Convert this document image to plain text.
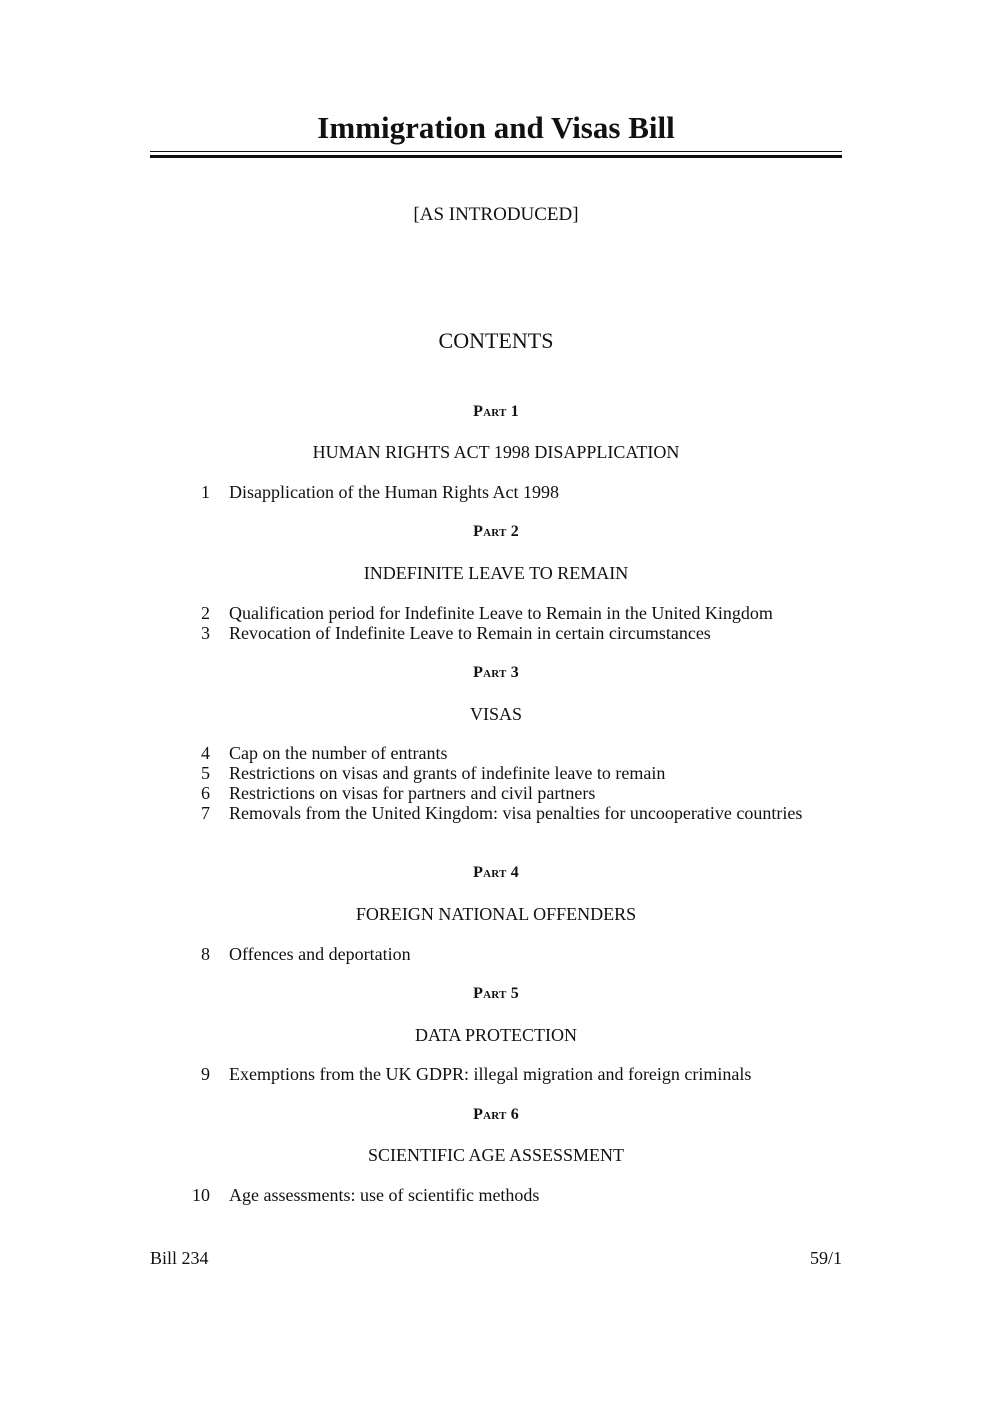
Immigration and Visas Bill
[AS INTRODUCED]
CONTENTS
Part 1
HUMAN RIGHTS ACT 1998 DISAPPLICATION
1 Disapplication of the Human Rights Act 1998
Part 2
INDEFINITE LEAVE TO REMAIN
2 Qualification period for Indefinite Leave to Remain in the United Kingdom
3 Revocation of Indefinite Leave to Remain in certain circumstances
Part 3
VISAS
4 Cap on the number of entrants
5 Restrictions on visas and grants of indefinite leave to remain
6 Restrictions on visas for partners and civil partners
7 Removals from the United Kingdom: visa penalties for uncooperative countries
Part 4
FOREIGN NATIONAL OFFENDERS
8 Offences and deportation
Part 5
DATA PROTECTION
9 Exemptions from the UK GDPR: illegal migration and foreign criminals
Part 6
SCIENTIFIC AGE ASSESSMENT
10 Age assessments: use of scientific methods
Bill 234	59/1
